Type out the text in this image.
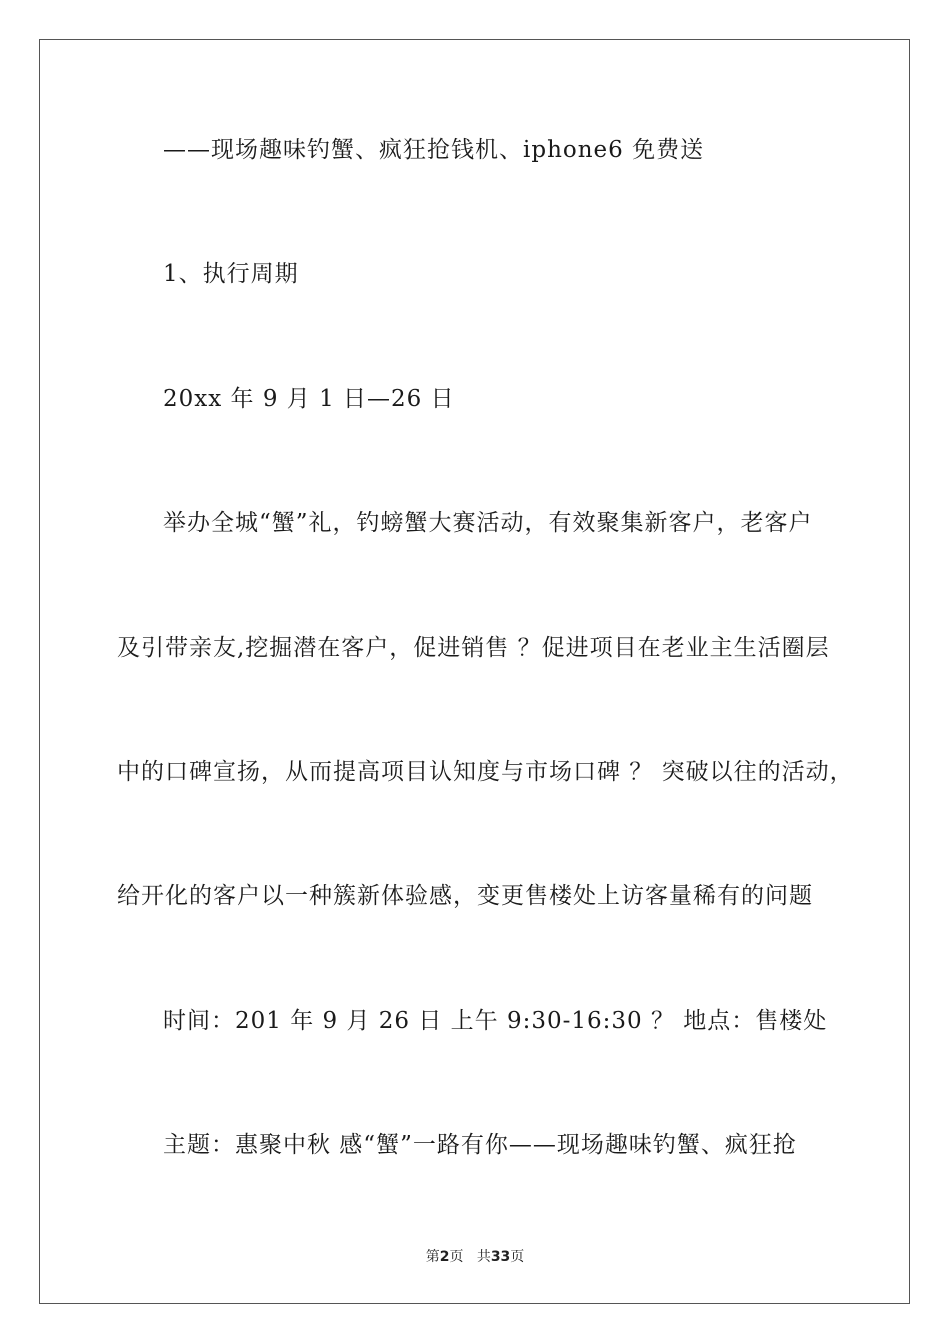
——现场趣味钓蟹、疯狂抢钱机、iphone6 免费送
1、执行周期
20xx 年 9 月 1 日—26 日
举办全城“蟹”礼，钓螃蟹大赛活动，有效聚集新客户，老客户
及引带亲友,挖掘潜在客户，促进销售 ？促进项目在老业主生活圈层
中的口碑宣扬，从而提高项目认知度与市场口碑 ？ 突破以往的活动，
给开化的客户以一种簇新体验感，变更售楼处上访客量稀有的问题
时间：201 年 9 月 26 日 上午 9:30-16:30 ？ 地点：售楼处
主题：惠聚中秋 感“蟹”一路有你——现场趣味钓蟹、疯狂抢
第2页 共33页
